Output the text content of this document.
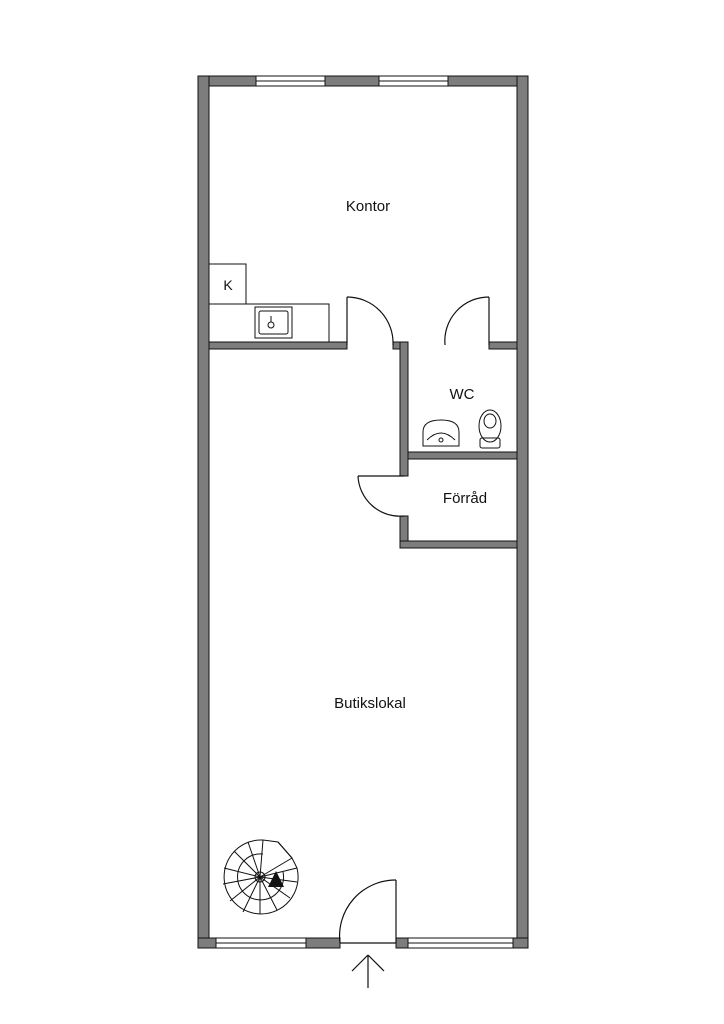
Kontor
K
WC
Förråd
Butikslokal
